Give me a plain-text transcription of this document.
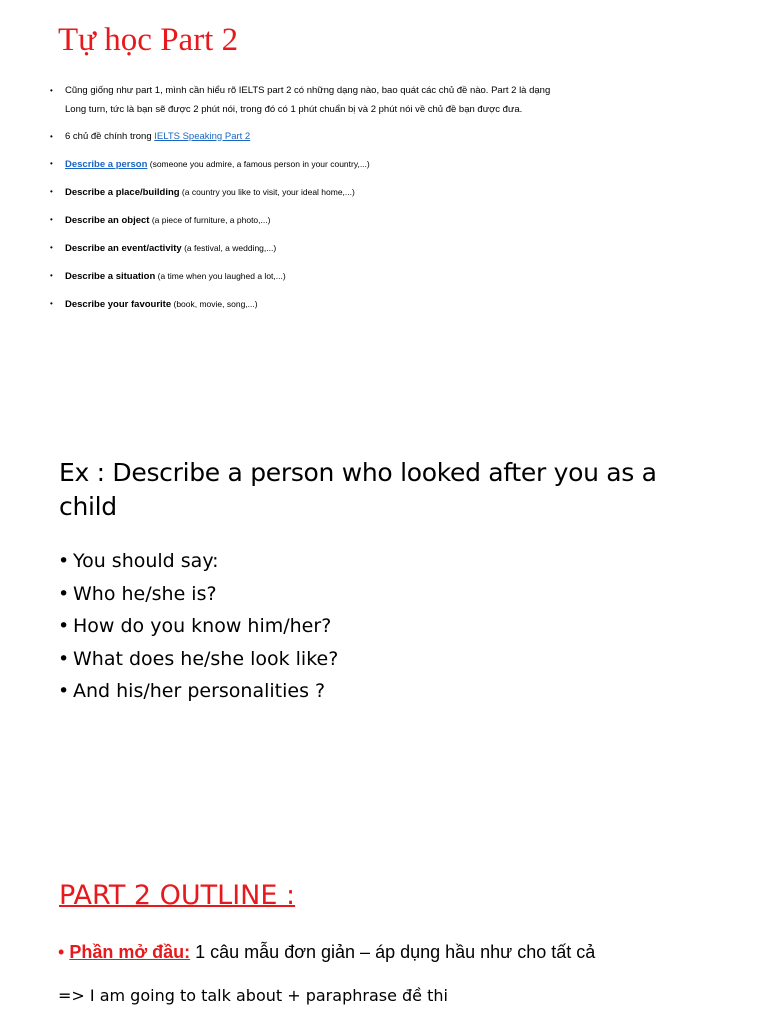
Tự học Part 2
• Cũng giống như part 1, mình cần hiểu rõ IELTS part 2 có những dạng nào, bao quát các chủ đề nào. Part 2 là dạng Long turn, tức là bạn sẽ được 2 phút nói, trong đó có 1 phút chuẩn bị và 2 phút nói về chủ đề bạn được đưa.
• 6 chủ đề chính trong IELTS Speaking Part 2
• Describe a person (someone you admire, a famous person in your country,...)
• Describe a place/building (a country you like to visit, your ideal home,...)
• Describe an object (a piece of furniture, a photo,...)
• Describe an event/activity (a festival, a wedding,...)
• Describe a situation (a time when you laughed a lot,...)
• Describe your favourite (book, movie, song,...)
Ex : Describe a person who looked after you as a child
• You should say:
• Who he/she is?
• How do you know him/her?
• What does he/she look like?
• And his/her personalities ?
PART 2 OUTLINE :

• Phần mở đầu: 1 câu mẫu đơn giản – áp dụng hầu như cho tất cả

=> I am going to talk about + paraphrase đề thi
